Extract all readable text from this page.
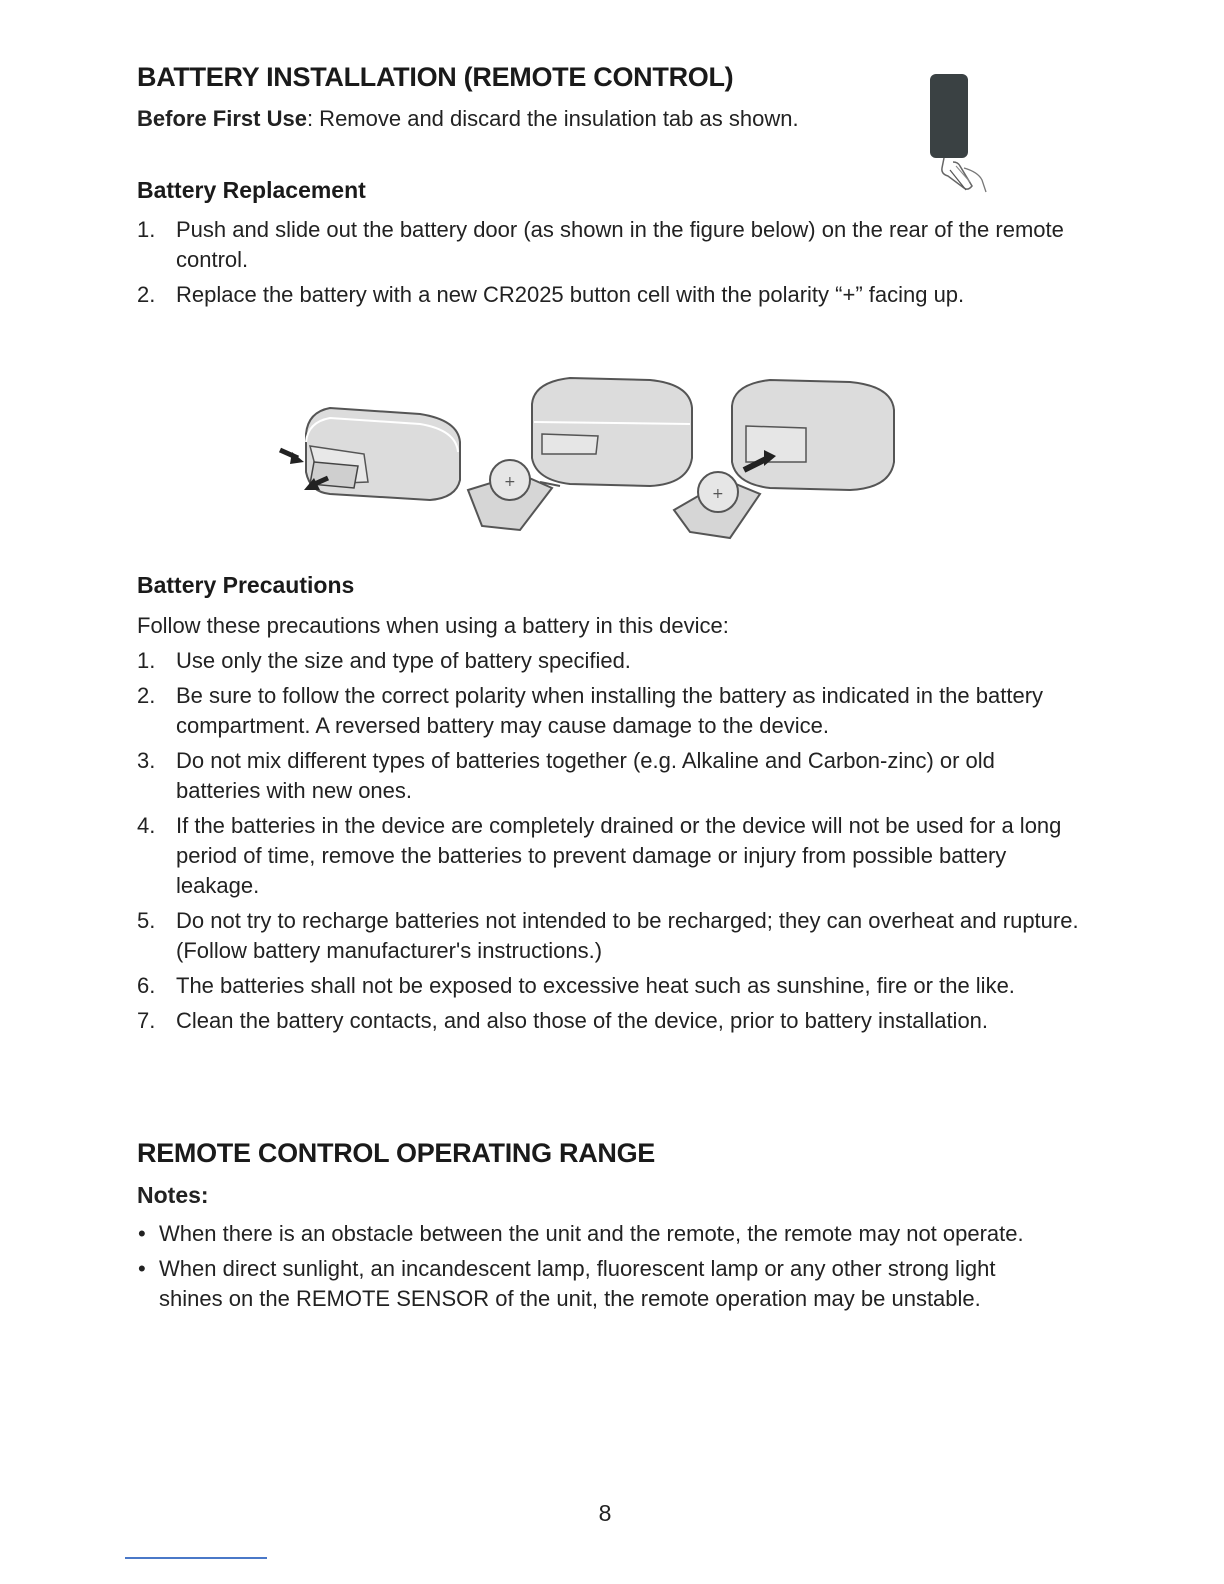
BATTERY INSTALLATION (REMOTE CONTROL)

Before First Use: Remove and discard the insulation tab as shown.

Battery Replacement
1. Push and slide out the battery door (as shown in the figure below) on the rear of the remote control.
2. Replace the battery with a new CR2025 button cell with the polarity “+” facing up.
+
+
Battery Precautions

Follow these precautions when using a battery in this device:

1. Use only the size and type of battery specified.
2. Be sure to follow the correct polarity when installing the battery as indicated in the battery compartment. A reversed battery may cause damage to the device.
3. Do not mix different types of batteries together (e.g. Alkaline and Carbon-zinc) or old batteries with new ones.
4. If the batteries in the device are completely drained or the device will not be used for a long period of time, remove the batteries to prevent damage or injury from possible battery leakage.
5. Do not try to recharge batteries not intended to be recharged; they can overheat and rupture. (Follow battery manufacturer's instructions.)
6. The batteries shall not be exposed to excessive heat such as sunshine, fire or the like.
7. Clean the battery contacts, and also those of the device, prior to battery installation.
REMOTE CONTROL OPERATING RANGE

Notes:

• When there is an obstacle between the unit and the remote, the remote may not operate.
• When direct sunlight, an incandescent lamp, fluorescent lamp or any other strong light shines on the REMOTE SENSOR of the unit, the remote operation may be unstable.
8
